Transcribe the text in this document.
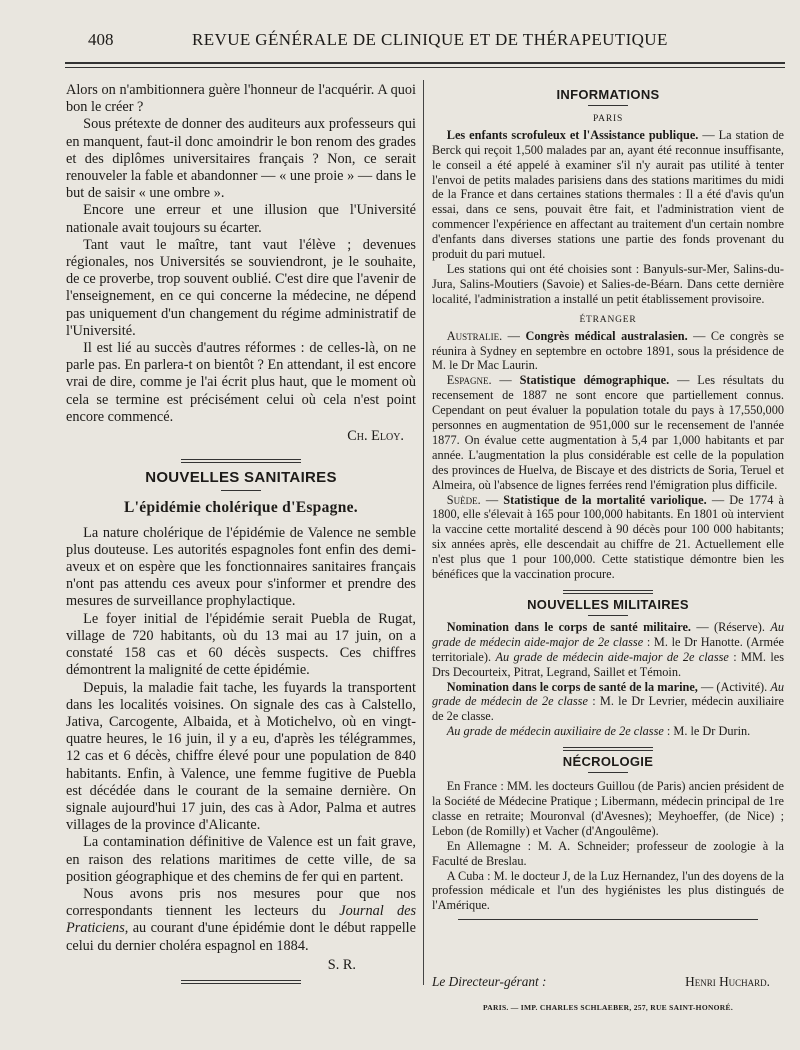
408	REVUE GÉNÉRALE DE CLINIQUE ET DE THÉRAPEUTIQUE

Alors on n'ambitionnera guère l'honneur de l'acquérir. A quoi bon le créer ?

Sous prétexte de donner des auditeurs aux professeurs qui en manquent, faut-il donc amoindrir le bon renom des grades et des diplômes universitaires français ? Non, ce serait renouveler la fable et abandonner — « une proie » — dans le but de saisir « une ombre ».

Encore une erreur et une illusion que l'Université nationale avait toujours su écarter.

Tant vaut le maître, tant vaut l'élève ; devenues régionales, nos Universités se souviendront, je le souhaite, de ce proverbe, trop souvent oublié. C'est dire que l'avenir de l'enseignement, en ce qui concerne la médecine, ne dépend pas uniquement d'un changement du régime administratif de l'Université.

Il est lié au succès d'autres réformes : de celles-là, on ne parle pas. En parlera-t on bientôt ? En attendant, il est encore vrai de dire, comme je l'ai écrit plus haut, que le moment où cela se termine est précisément celui où cela n'est point encore commencé.

Ch. Eloy.
NOUVELLES SANITAIRES
L'épidémie cholérique d'Espagne.

La nature cholérique de l'épidémie de Valence ne semble plus douteuse. Les autorités espagnoles font enfin des demi-aveux et on espère que les fonctionnaires sanitaires français n'ont pas attendu ces aveux pour s'informer et prendre des mesures de surveillance prophylactique.

Le foyer initial de l'épidémie serait Puebla de Rugat, village de 720 habitants, où du 13 mai au 17 juin, on a constaté 158 cas et 60 décès suspects. Ces chiffres démontrent la malignité de cette épidémie.

Depuis, la maladie fait tache, les fuyards la transportent dans les localités voisines. On signale des cas à Calstello, Jativa, Carcogente, Albaida, et à Motichelvo, où en vingt-quatre heures, le 16 juin, il y a eu, d'après les télégrammes, 12 cas et 6 décès, chiffre élevé pour une population de 840 habitants. Enfin, à Valence, une femme fugitive de Puebla est décédée dans le courant de la semaine dernière. On signale aujourd'hui 17 juin, des cas à Ador, Palma et autres villages de la province d'Alicante.

La contamination définitive de Valence est un fait grave, en raison des relations maritimes de cette ville, de sa position géographique et des chemins de fer qui en partent.

Nous avons pris nos mesures pour que nos correspondants tiennent les lecteurs du Journal des Praticiens, au courant d'une épidémie dont le début rappelle celui du dernier choléra espagnol en 1884.

S. R.
INFORMATIONS
PARIS

Les enfants scrofuleux et l'Assistance publique. — La station de Berck qui reçoit 1,500 malades par an, ayant été reconnue insuffisante, le conseil a été appelé à examiner s'il n'y aurait pas utilité à tenter l'envoi de petits malades parisiens dans des stations maritimes du midi de la France et dans certaines stations thermales : Il a été d'avis qu'un essai, dans ce sens, pouvait être fait, et l'administration vient de commencer l'expérience en affectant au traitement d'un certain nombre d'enfants dans diverses stations une partie des fonds provenant du produit du pari mutuel.

Les stations qui ont été choisies sont : Banyuls-sur-Mer, Salins-du-Jura, Salins-Moutiers (Savoie) et Salies-de-Béarn. Dans cette dernière localité, l'administration a installé un petit établissement provisoire.

ÉTRANGER

Australie. — Congrès médical australasien. — Ce congrès se réunira à Sydney en septembre en octobre 1891, sous la présidence de M. le Dr Mac Laurin.

Espagne. — Statistique démographique. — Les résultats du recensement de 1887 ne sont encore que partiellement connus. Cependant on peut évaluer la population totale du pays à 17,550,000 personnes en augmentation de 951,000 sur le recensement de l'année 1877. On évalue cette augmentation à 5,4 par 1,000 habitants et par année. L'augmentation la plus considérable est celle de la population des provinces de Huelva, de Biscaye et des districts de Soria, Teruel et Almeira, où l'absence de lignes ferrées rend l'émigration plus difficile.

Suède. — Statistique de la mortalité variolique. — De 1774 à 1800, elle s'élevait à 165 pour 100,000 habitants. En 1801 où intervient la vaccine cette mortalité descend à 90 décès pour 100 000 habitants; six années après, elle descendait au chiffre de 21. Actuellement elle n'est plus que 1 pour 100,000. Cette statistique démontre bien les bénéfices que la vaccination procure.

NOUVELLES MILITAIRES

Nomination dans le corps de santé militaire. — (Réserve). Au grade de médecin aide-major de 2e classe : M. le Dr Hanotte. (Armée territoriale). Au grade de médecin aide-major de 2e classe : MM. les Drs Decourteix, Pitrat, Legrand, Saillet et Témoin.

Nomination dans le corps de santé de la marine, — (Activité). Au grade de médecin de 2e classe : M. le Dr Levrier, médecin auxiliaire de 2e classe.

Au grade de médecin auxiliaire de 2e classe : M. le Dr Durin.

NÉCROLOGIE

En France : MM. les docteurs Guillou (de Paris) ancien président de la Société de Médecine Pratique ; Libermann, médecin principal de 1re classe en retraite; Mouronval (d'Avesnes); Meyhoeffer, (de Nice) ; Lebon (de Romilly) et Vacher (d'Angoulême).

En Allemagne : M. A. Schneider; professeur de zoologie à la Faculté de Breslau.

A Cuba : M. le docteur J, de la Luz Hernandez, l'un des doyens de la profession médicale et l'un des hygiénistes les plus distingués de l'Amérique.

Le Directeur-gérant :	Henri Huchard.
PARIS. — IMP. CHARLES SCHLAEBER, 257, RUE SAINT-HONORÉ.
